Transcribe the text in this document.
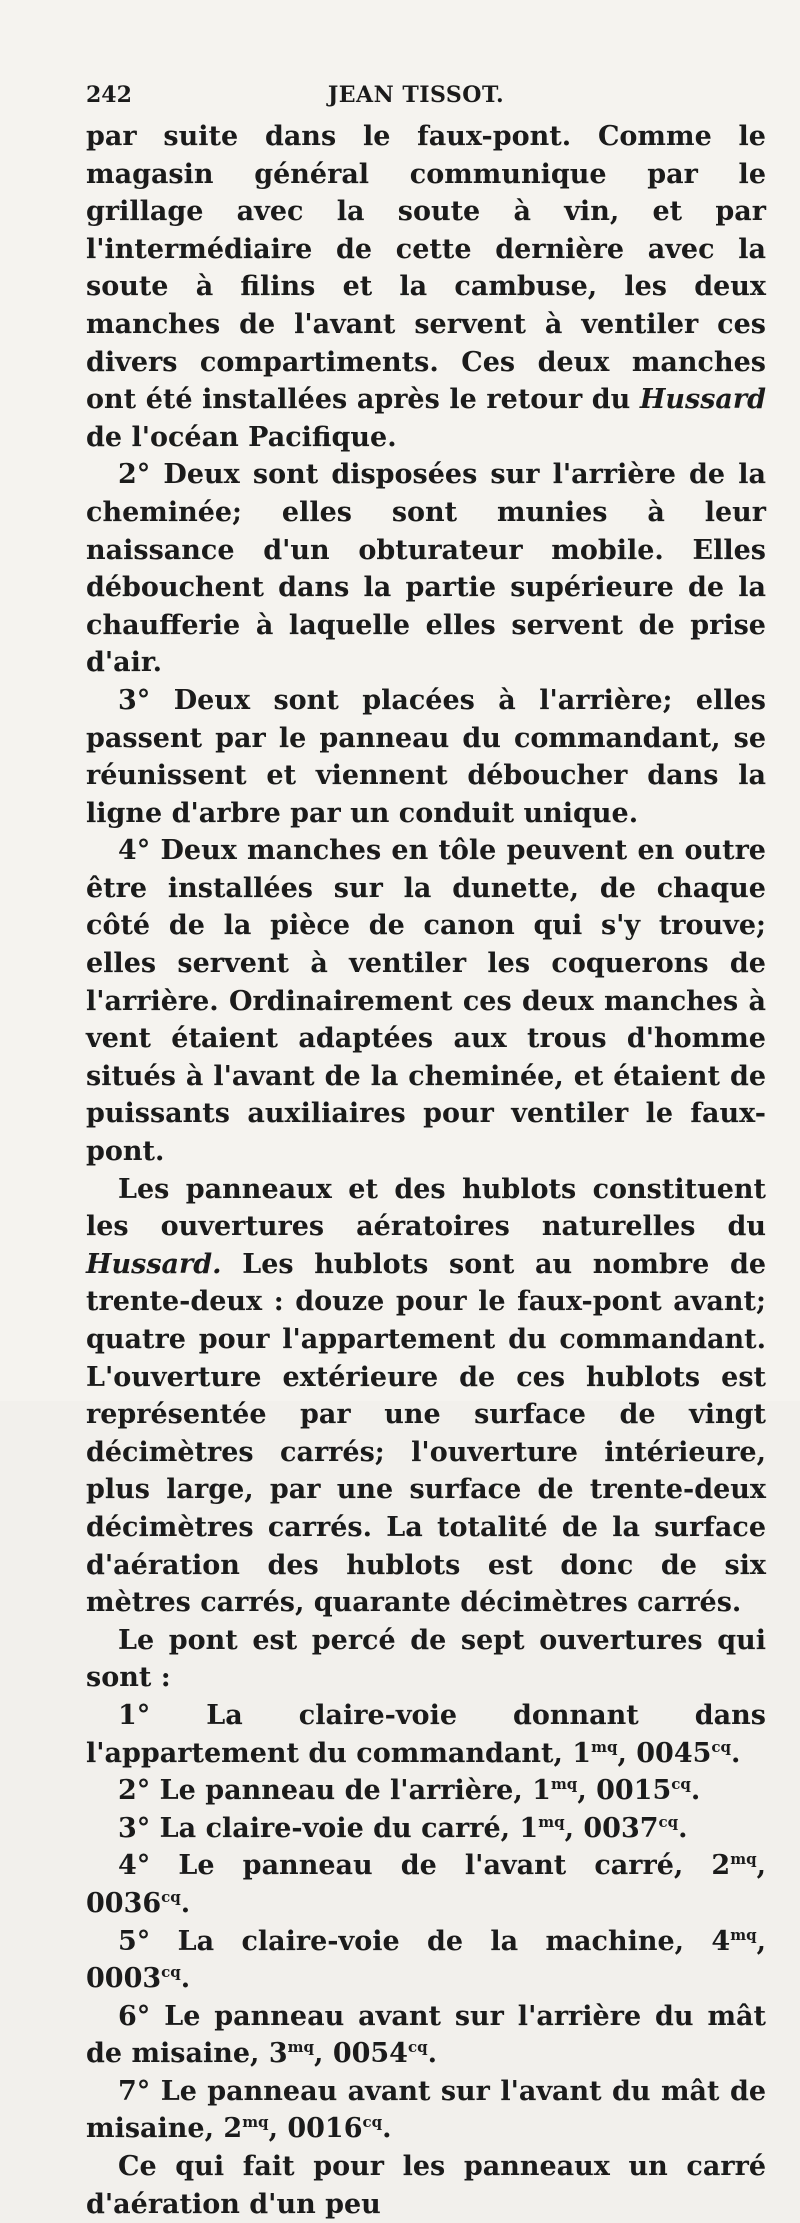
242	JEAN TISSOT.

par suite dans le faux-pont. Comme le magasin général communique par le grillage avec la soute à vin, et par l'intermédiaire de cette dernière avec la soute à filins et la cambuse, les deux manches de l'avant servent à ventiler ces divers compartiments. Ces deux manches ont été installées après le retour du Hussard de l'océan Pacifique.

2° Deux sont disposées sur l'arrière de la cheminée; elles sont munies à leur naissance d'un obturateur mobile. Elles débouchent dans la partie supérieure de la chaufferie à laquelle elles servent de prise d'air.

3° Deux sont placées à l'arrière; elles passent par le panneau du commandant, se réunissent et viennent déboucher dans la ligne d'arbre par un conduit unique.

4° Deux manches en tôle peuvent en outre être installées sur la dunette, de chaque côté de la pièce de canon qui s'y trouve; elles servent à ventiler les coquerons de l'arrière. Ordinairement ces deux manches à vent étaient adaptées aux trous d'homme situés à l'avant de la cheminée, et étaient de puissants auxiliaires pour ventiler le faux-pont.

Les panneaux et des hublots constituent les ouvertures aératoires naturelles du Hussard. Les hublots sont au nombre de trente-deux : douze pour le faux-pont avant; quatre pour l'appartement du commandant. L'ouverture extérieure de ces hublots est représentée par une surface de vingt décimètres carrés; l'ouverture intérieure, plus large, par une surface de trente-deux décimètres carrés. La totalité de la surface d'aération des hublots est donc de six mètres carrés, quarante décimètres carrés.

Le pont est percé de sept ouvertures qui sont :

1° La claire-voie donnant dans l'appartement du commandant, $1^{mq}$, $0045^{cq}$.

2° Le panneau de l'arrière, $1^{mq}$, $0015^{cq}$.

3° La claire-voie du carré, $1^{mq}$, $0037^{cq}$.

4° Le panneau de l'avant carré, $2^{mq}$, $0036^{cq}$.

5° La claire-voie de la machine, $4^{mq}$, $0003^{cq}$.

6° Le panneau avant sur l'arrière du mât de misaine, $3^{mq}$, $0054^{cq}$.

7° Le panneau avant sur l'avant du mât de misaine, $2^{mq}$, $0016^{cq}$.

Ce qui fait pour les panneaux un carré d'aération d'un peu
